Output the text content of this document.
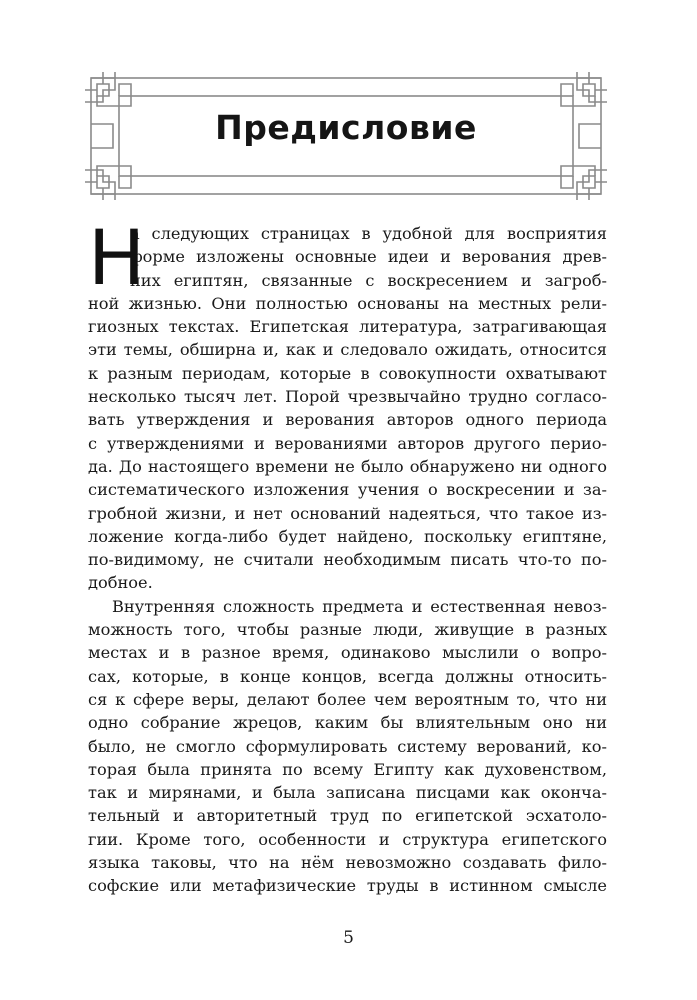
Предисловие
Н
а следующих страницах в удобной для восприятия
форме изложены основные идеи и верования древ-
них египтян, связанные с воскресением и загроб-
ной жизнью. Они полностью основаны на местных рели-
гиозных текстах. Египетская литература, затрагивающая
эти темы, обширна и, как и следовало ожидать, относится
к разным периодам, которые в совокупности охватывают
несколько тысяч лет. Порой чрезвычайно трудно согласо-
вать утверждения и верования авторов одного периода
с утверждениями и верованиями авторов другого перио-
да. До настоящего времени не было обнаружено ни одного
систематического изложения учения о воскресении и за-
гробной жизни, и нет оснований надеяться, что такое из-
ложение когда-либо будет найдено, поскольку египтяне,
по-видимому, не считали необходимым писать что-то по-
добное.
Внутренняя сложность предмета и естественная невоз-
можность того, чтобы разные люди, живущие в разных
местах и в разное время, одинаково мыслили о вопро-
сах, которые, в конце концов, всегда должны относить-
ся к сфере веры, делают более чем вероятным то, что ни
одно собрание жрецов, каким бы влиятельным оно ни
было, не смогло сформулировать систему верований, ко-
торая была принята по всему Египту как духовенством,
так и мирянами, и была записана писцами как оконча-
тельный и авторитетный труд по египетской эсхатоло-
гии. Кроме того, особенности и структура египетского
языка таковы, что на нём невозможно создавать фило-
софские или метафизические труды в истинном смысле
5
